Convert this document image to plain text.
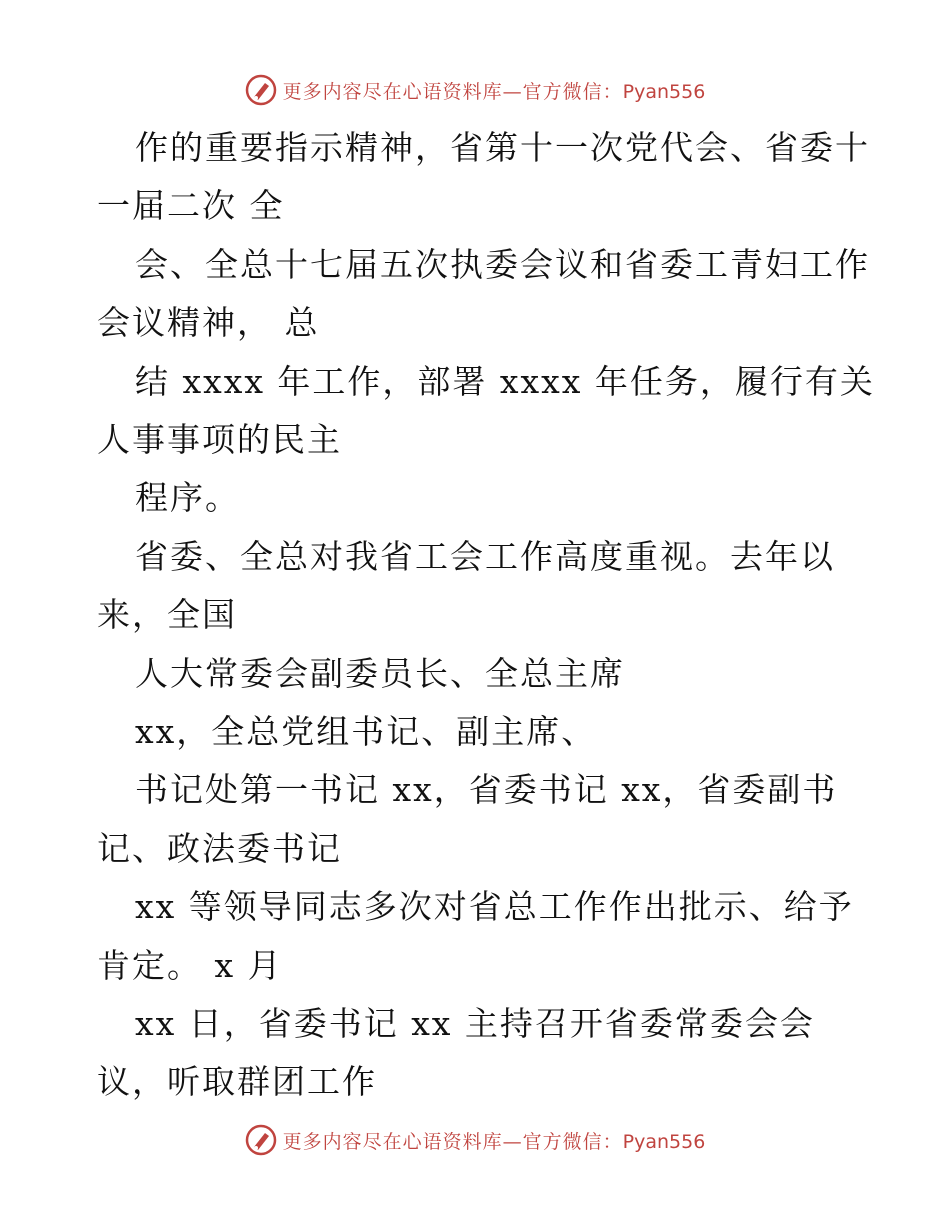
更多内容尽在心语资料库—官方微信：Pyan556
作的重要指示精神，省第十一次党代会、省委十
一届二次 全
会、全总十七届五次执委会议和省委工青妇工作
会议精神， 总
结 xxxx 年工作，部署 xxxx 年任务，履行有关
人事事项的民主
程序。
省委、全总对我省工会工作高度重视。去年以
来，全国
人大常委会副委员长、全总主席
xx，全总党组书记、副主席、
书记处第一书记 xx，省委书记 xx，省委副书
记、政法委书记
xx 等领导同志多次对省总工作作出批示、给予
肯定。 x 月
xx 日，省委书记 xx 主持召开省委常委会会
议，听取群团工作
更多内容尽在心语资料库—官方微信：Pyan556
